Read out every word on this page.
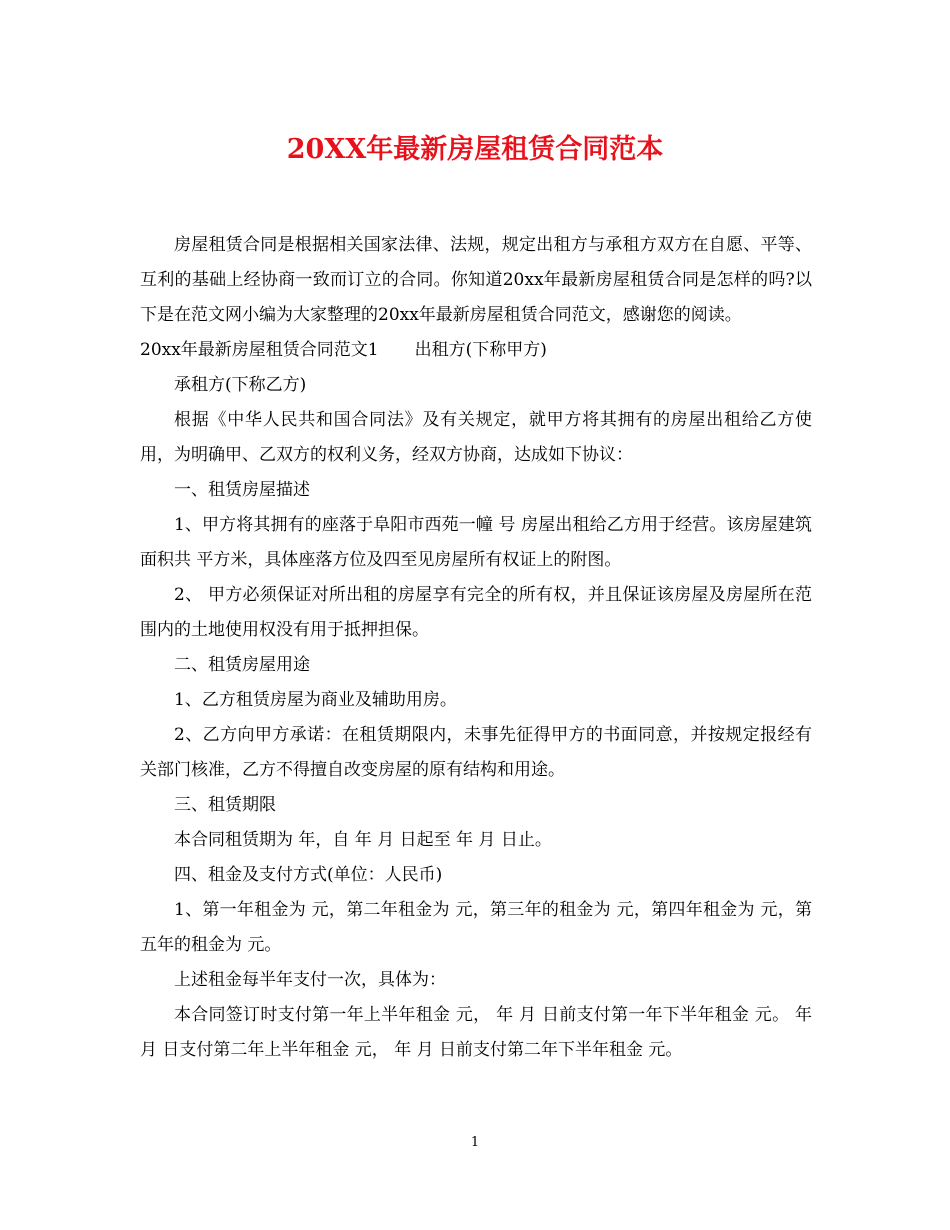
20XX年最新房屋租赁合同范本

房屋租赁合同是根据相关国家法律、法规，规定出租方与承租方双方在自愿、平等、互利的基础上经协商一致而订立的合同。你知道20xx年最新房屋租赁合同是怎样的吗?以下是在范文网小编为大家整理的20xx年最新房屋租赁合同范文，感谢您的阅读。

20xx年最新房屋租赁合同范文1 出租方(下称甲方)

承租方(下称乙方)

根据《中华人民共和国合同法》及有关规定，就甲方将其拥有的房屋出租给乙方使用，为明确甲、乙双方的权利义务，经双方协商，达成如下协议：

一、租赁房屋描述

1、甲方将其拥有的座落于阜阳市西苑一幢 号 房屋出租给乙方用于经营。该房屋建筑面积共 平方米，具体座落方位及四至见房屋所有权证上的附图。

2、 甲方必须保证对所出租的房屋享有完全的所有权，并且保证该房屋及房屋所在范围内的土地使用权没有用于抵押担保。

二、租赁房屋用途

1、乙方租赁房屋为商业及辅助用房。

2、乙方向甲方承诺：在租赁期限内，未事先征得甲方的书面同意，并按规定报经有关部门核准，乙方不得擅自改变房屋的原有结构和用途。

三、租赁期限

本合同租赁期为 年，自 年 月 日起至 年 月 日止。

四、租金及支付方式(单位：人民币)

1、第一年租金为 元，第二年租金为 元，第三年的租金为 元，第四年租金为 元，第五年的租金为 元。

上述租金每半年支付一次，具体为：

本合同签订时支付第一年上半年租金 元， 年 月 日前支付第一年下半年租金 元。 年 月 日支付第二年上半年租金 元， 年 月 日前支付第二年下半年租金 元。

1
